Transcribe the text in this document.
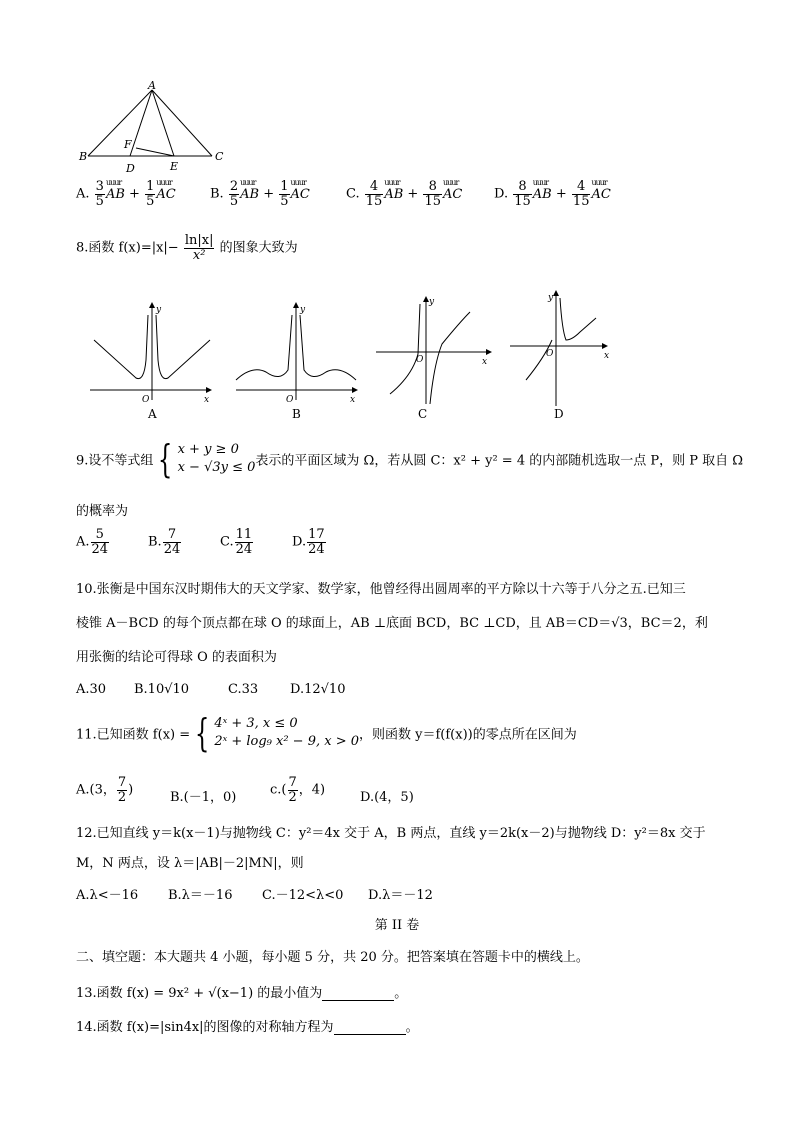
A
B	C
D	E
F
A. $\frac{3}{5}$ uuur AB + $\frac{1}{5}$ uuur AC	B. $\frac{2}{5}$ uuur AB + $\frac{1}{5}$ uuur AC	C. $\frac{4}{15}$ uuur AB + $\frac{8}{15}$ uuur AC D. $\frac{8}{15}$ uuur AB + $\frac{4}{15}$ uuur AC
8.函数 $f(x)=|x|- \frac{\ln|x|}{\text{x²}}$ 的图象大致为
y
x
O
A
y
x
O
B
y
x
O
C
y
x
O
D
9.设不等式组 { x + y ≥ 0
x − √3y ≤ 0 表示的平面区域为 Ω，若从圆 C：x² + y² = 4 的内部随机选取一点 P，则 P 取自 Ω
的概率为
A. $\frac{5}{24}$	B. $\frac{7}{24}$	C. $\frac{11}{24}$	D. $\frac{17}{24}$
10.张衡是中国东汉时期伟大的天文学家、数学家，他曾经得出圆周率的平方除以十六等于八分之五.已知三
棱锥 A－BCD 的每个顶点都在球 O 的球面上，AB ⊥底面 BCD，BC ⊥CD，且 AB＝CD＝√3，BC＝2，利
用张衡的结论可得球 O 的表面积为
A.30 B.10√10	C.33 D.12√10
11.已知函数 f(x) = { 4ˣ + 3, x ≤ 0
2ˣ + log₉ x² − 9, x > 0 ，则函数 y＝f(f(x))的零点所在区间为
A.(3， $\frac{7}{2}$ )	B.(－1，0)	$c.( \frac{7}{2}$ ，4)	D.(4，5)
12.已知直线 y＝k(x－1)与抛物线 C：y²＝4x 交于 A，B 两点，直线 y＝2k(x－2)与抛物线 D：y²＝8x 交于
M，N 两点，设 λ＝|AB|－2|MN|，则
A.λ<－16 B.λ＝－16 C.－12<λ<0 D.λ＝－12
第 II 卷
二、填空题：本大题共 4 小题，每小题 5 分，共 20 分。把答案填在答题卡中的横线上。
13.函数 f(x) = 9x² + √(x−1) 的最小值为	。
14.函数 f(x)=|sin4x|的图像的对称轴方程为	。
